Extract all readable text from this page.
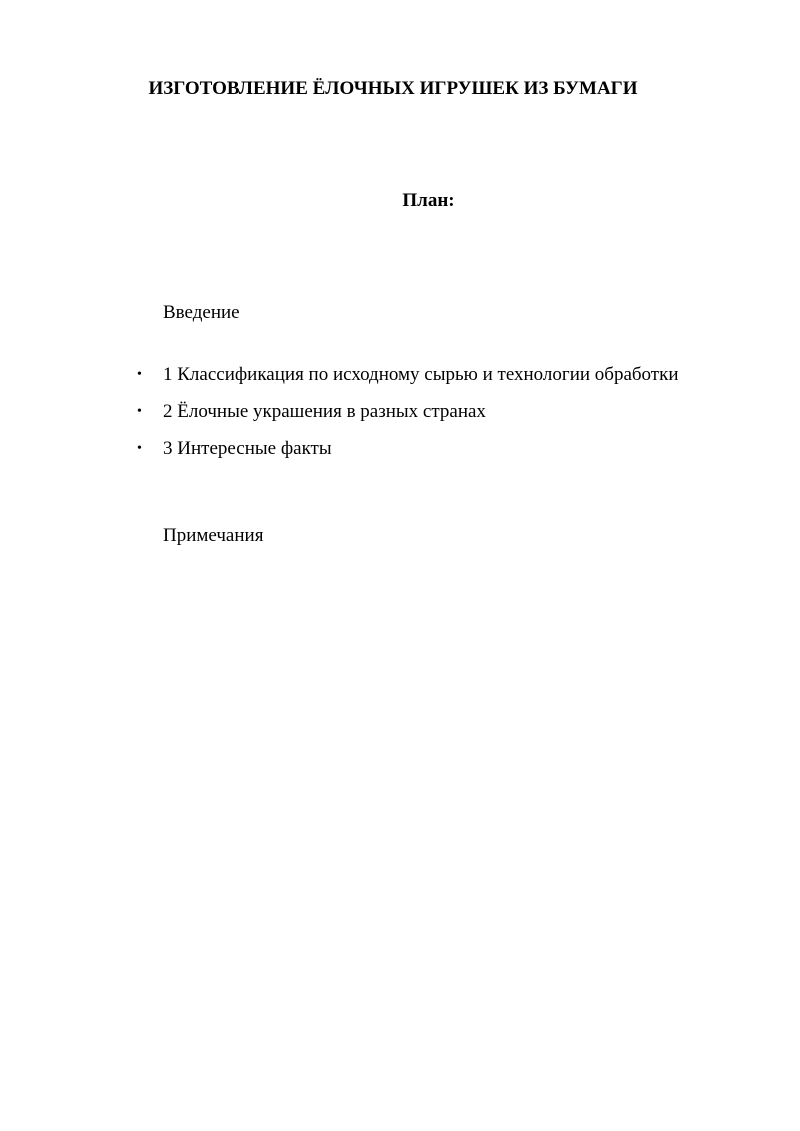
ИЗГОТОВЛЕНИЕ ЁЛОЧНЫХ ИГРУШЕК ИЗ БУМАГИ
План:
Введение
• 1 Классификация по исходному сырью и технологии обработки
• 2 Ёлочные украшения в разных странах
• 3 Интересные факты
Примечания
